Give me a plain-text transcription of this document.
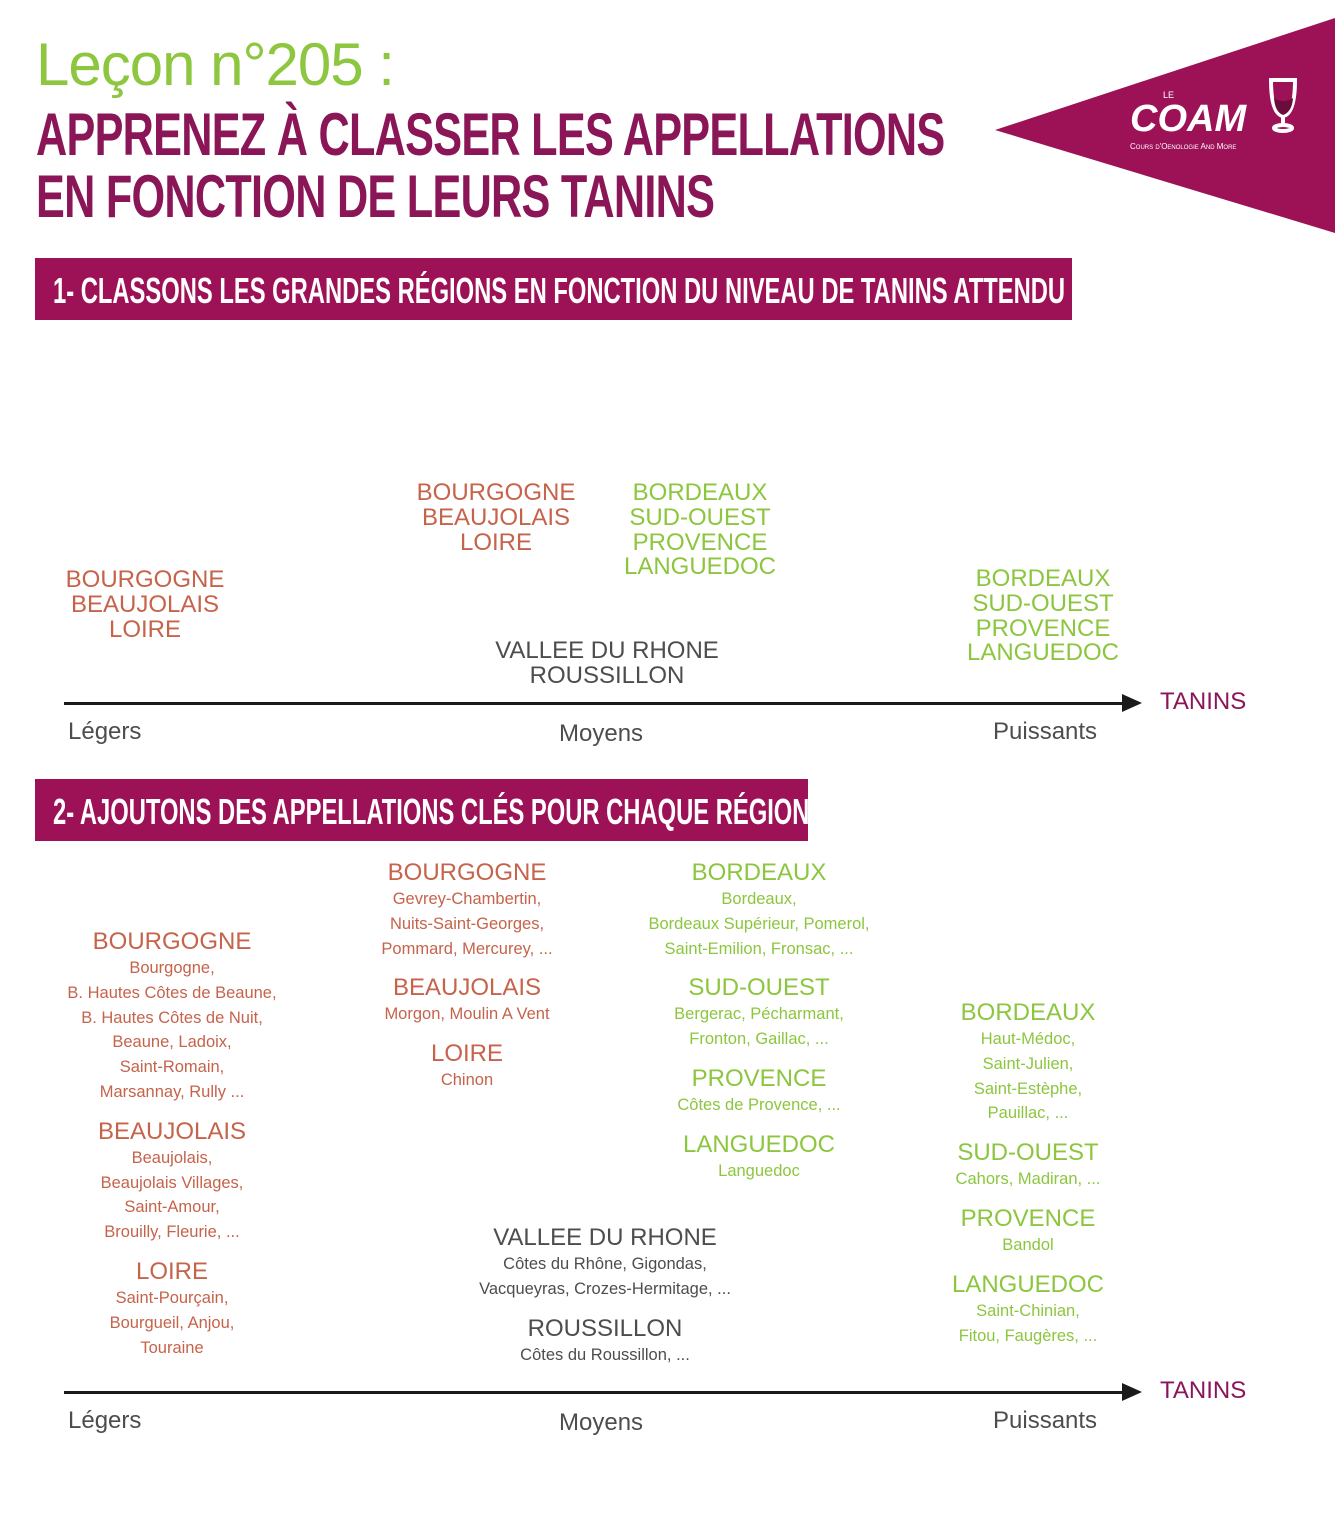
Leçon n°205 :
APPRENEZ À CLASSER LES APPELLATIONS
EN FONCTION DE LEURS TANINS
LE
COAM
Cours d'Oenologie And More
1- CLASSONS LES GRANDES RÉGIONS EN FONCTION DU NIVEAU DE TANINS ATTENDU
BOURGOGNE
BEAUJOLAIS
LOIRE
BOURGOGNE
BEAUJOLAIS
LOIRE
BORDEAUX
SUD-OUEST
PROVENCE
LANGUEDOC
VALLEE DU RHONE
ROUSSILLON
BORDEAUX
SUD-OUEST
PROVENCE
LANGUEDOC
TANINS
Légers	Moyens	Puissants
2- AJOUTONS DES APPELLATIONS CLÉS POUR CHAQUE RÉGION
BOURGOGNE
Bourgogne,
B. Hautes Côtes de Beaune,
B. Hautes Côtes de Nuit,
Beaune, Ladoix,
Saint-Romain,
Marsannay, Rully ...
BEAUJOLAIS
Beaujolais,
Beaujolais Villages,
Saint-Amour,
Brouilly, Fleurie, ...
LOIRE
Saint-Pourçain,
Bourgueil, Anjou,
Touraine
BOURGOGNE
Gevrey-Chambertin,
Nuits-Saint-Georges,
Pommard, Mercurey, ...
BEAUJOLAIS
Morgon, Moulin A Vent
LOIRE
Chinon
BORDEAUX
Bordeaux,
Bordeaux Supérieur, Pomerol,
Saint-Emilion, Fronsac, ...
SUD-OUEST
Bergerac, Pécharmant,
Fronton, Gaillac, ...
PROVENCE
Côtes de Provence, ...
LANGUEDOC
Languedoc
VALLEE DU RHONE
Côtes du Rhône, Gigondas,
Vacqueyras, Crozes-Hermitage, ...
ROUSSILLON
Côtes du Roussillon, ...
BORDEAUX
Haut-Médoc,
Saint-Julien,
Saint-Estèphe,
Pauillac, ...
SUD-OUEST
Cahors, Madiran, ...
PROVENCE
Bandol
LANGUEDOC
Saint-Chinian,
Fitou, Faugères, ...
TANINS
Légers	Moyens	Puissants
